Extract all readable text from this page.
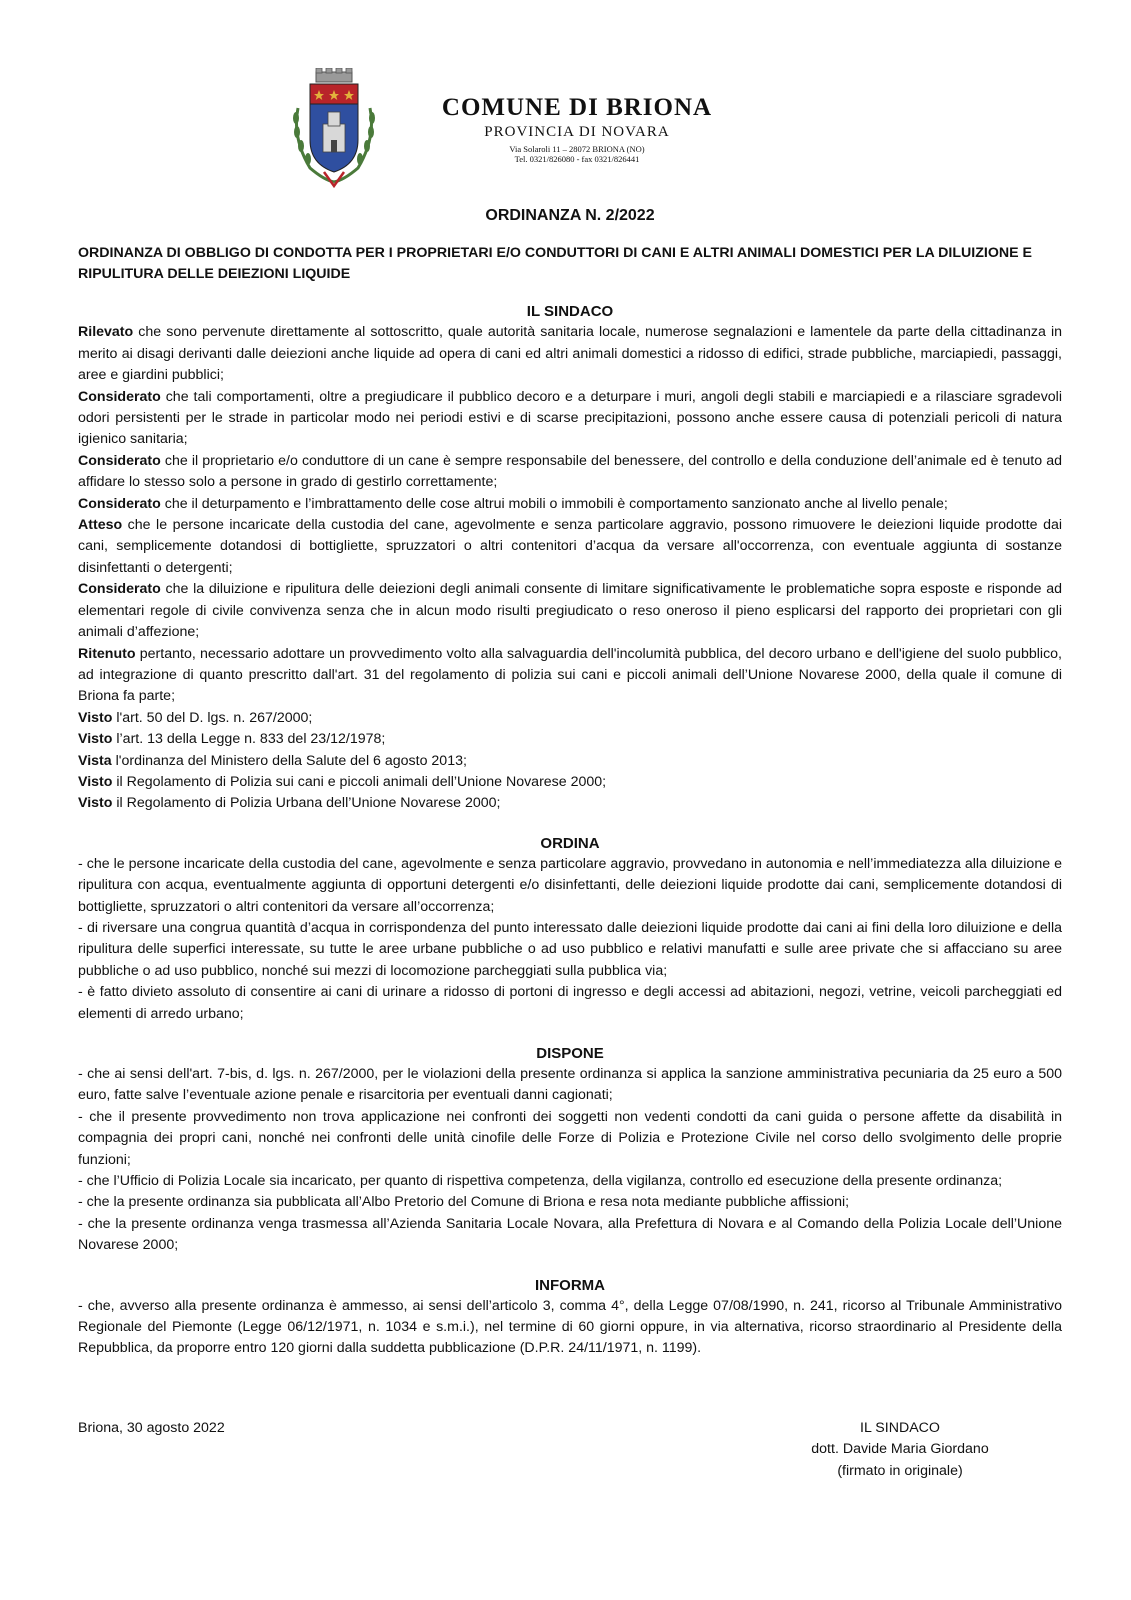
COMUNE DI BRIONA
PROVINCIA DI NOVARA
Via Solaroli 11 – 28072 BRIONA (NO)
Tel. 0321/826080 - fax 0321/826441
ORDINANZA N. 2/2022
ORDINANZA DI OBBLIGO DI CONDOTTA PER I PROPRIETARI E/O CONDUTTORI DI CANI E ALTRI ANIMALI DOMESTICI PER LA DILUIZIONE E RIPULITURA DELLE DEIEZIONI LIQUIDE
IL SINDACO

Rilevato che sono pervenute direttamente al sottoscritto, quale autorità sanitaria locale, numerose segnalazioni e lamentele da parte della cittadinanza in merito ai disagi derivanti dalle deiezioni anche liquide ad opera di cani ed altri animali domestici a ridosso di edifici, strade pubbliche, marciapiedi, passaggi, aree e giardini pubblici;

Considerato che tali comportamenti, oltre a pregiudicare il pubblico decoro e a deturpare i muri, angoli degli stabili e marciapiedi e a rilasciare sgradevoli odori persistenti per le strade in particolar modo nei periodi estivi e di scarse precipitazioni, possono anche essere causa di potenziali pericoli di natura igienico sanitaria;

Considerato che il proprietario e/o conduttore di un cane è sempre responsabile del benessere, del controllo e della conduzione dell’animale ed è tenuto ad affidare lo stesso solo a persone in grado di gestirlo correttamente;

Considerato che il deturpamento e l’imbrattamento delle cose altrui mobili o immobili è comportamento sanzionato anche al livello penale;

Atteso che le persone incaricate della custodia del cane, agevolmente e senza particolare aggravio, possono rimuovere le deiezioni liquide prodotte dai cani, semplicemente dotandosi di bottigliette, spruzzatori o altri contenitori d’acqua da versare all'occorrenza, con eventuale aggiunta di sostanze disinfettanti o detergenti;

Considerato che la diluizione e ripulitura delle deiezioni degli animali consente di limitare significativamente le problematiche sopra esposte e risponde ad elementari regole di civile convivenza senza che in alcun modo risulti pregiudicato o reso oneroso il pieno esplicarsi del rapporto dei proprietari con gli animali d’affezione;

Ritenuto pertanto, necessario adottare un provvedimento volto alla salvaguardia dell'incolumità pubblica, del decoro urbano e dell'igiene del suolo pubblico, ad integrazione di quanto prescritto dall'art. 31 del regolamento di polizia sui cani e piccoli animali dell’Unione Novarese 2000, della quale il comune di Briona fa parte;

Visto l'art. 50 del D. lgs. n. 267/2000;

Visto l’art. 13 della Legge n. 833 del 23/12/1978;

Vista l'ordinanza del Ministero della Salute del 6 agosto 2013;

Visto il Regolamento di Polizia sui cani e piccoli animali dell’Unione Novarese 2000;

Visto il Regolamento di Polizia Urbana dell’Unione Novarese 2000;

ORDINA

- che le persone incaricate della custodia del cane, agevolmente e senza particolare aggravio, provvedano in autonomia e nell’immediatezza alla diluizione e ripulitura con acqua, eventualmente aggiunta di opportuni detergenti e/o disinfettanti, delle deiezioni liquide prodotte dai cani, semplicemente dotandosi di bottigliette, spruzzatori o altri contenitori da versare all’occorrenza;

- di riversare una congrua quantità d’acqua in corrispondenza del punto interessato dalle deiezioni liquide prodotte dai cani ai fini della loro diluizione e della ripulitura delle superfici interessate, su tutte le aree urbane pubbliche o ad uso pubblico e relativi manufatti e sulle aree private che si affacciano su aree pubbliche o ad uso pubblico, nonché sui mezzi di locomozione parcheggiati sulla pubblica via;

- è fatto divieto assoluto di consentire ai cani di urinare a ridosso di portoni di ingresso e degli accessi ad abitazioni, negozi, vetrine, veicoli parcheggiati ed elementi di arredo urbano;

DISPONE

- che ai sensi dell'art. 7-bis, d. lgs. n. 267/2000, per le violazioni della presente ordinanza si applica la sanzione amministrativa pecuniaria da 25 euro a 500 euro, fatte salve l’eventuale azione penale e risarcitoria per eventuali danni cagionati;

- che il presente provvedimento non trova applicazione nei confronti dei soggetti non vedenti condotti da cani guida o persone affette da disabilità in compagnia dei propri cani, nonché nei confronti delle unità cinofile delle Forze di Polizia e Protezione Civile nel corso dello svolgimento delle proprie funzioni;

- che l’Ufficio di Polizia Locale sia incaricato, per quanto di rispettiva competenza, della vigilanza, controllo ed esecuzione della presente ordinanza;

- che la presente ordinanza sia pubblicata all’Albo Pretorio del Comune di Briona e resa nota mediante pubbliche affissioni;

- che la presente ordinanza venga trasmessa all’Azienda Sanitaria Locale Novara, alla Prefettura di Novara e al Comando della Polizia Locale dell’Unione Novarese 2000;

INFORMA

- che, avverso alla presente ordinanza è ammesso, ai sensi dell’articolo 3, comma 4°, della Legge 07/08/1990, n. 241, ricorso al Tribunale Amministrativo Regionale del Piemonte (Legge 06/12/1971, n. 1034 e s.m.i.), nel termine di 60 giorni oppure, in via alternativa, ricorso straordinario al Presidente della Repubblica, da proporre entro 120 giorni dalla suddetta pubblicazione (D.P.R. 24/11/1971, n. 1199).

Briona, 30 agosto 2022	IL SINDACO
dott. Davide Maria Giordano
(firmato in originale)
